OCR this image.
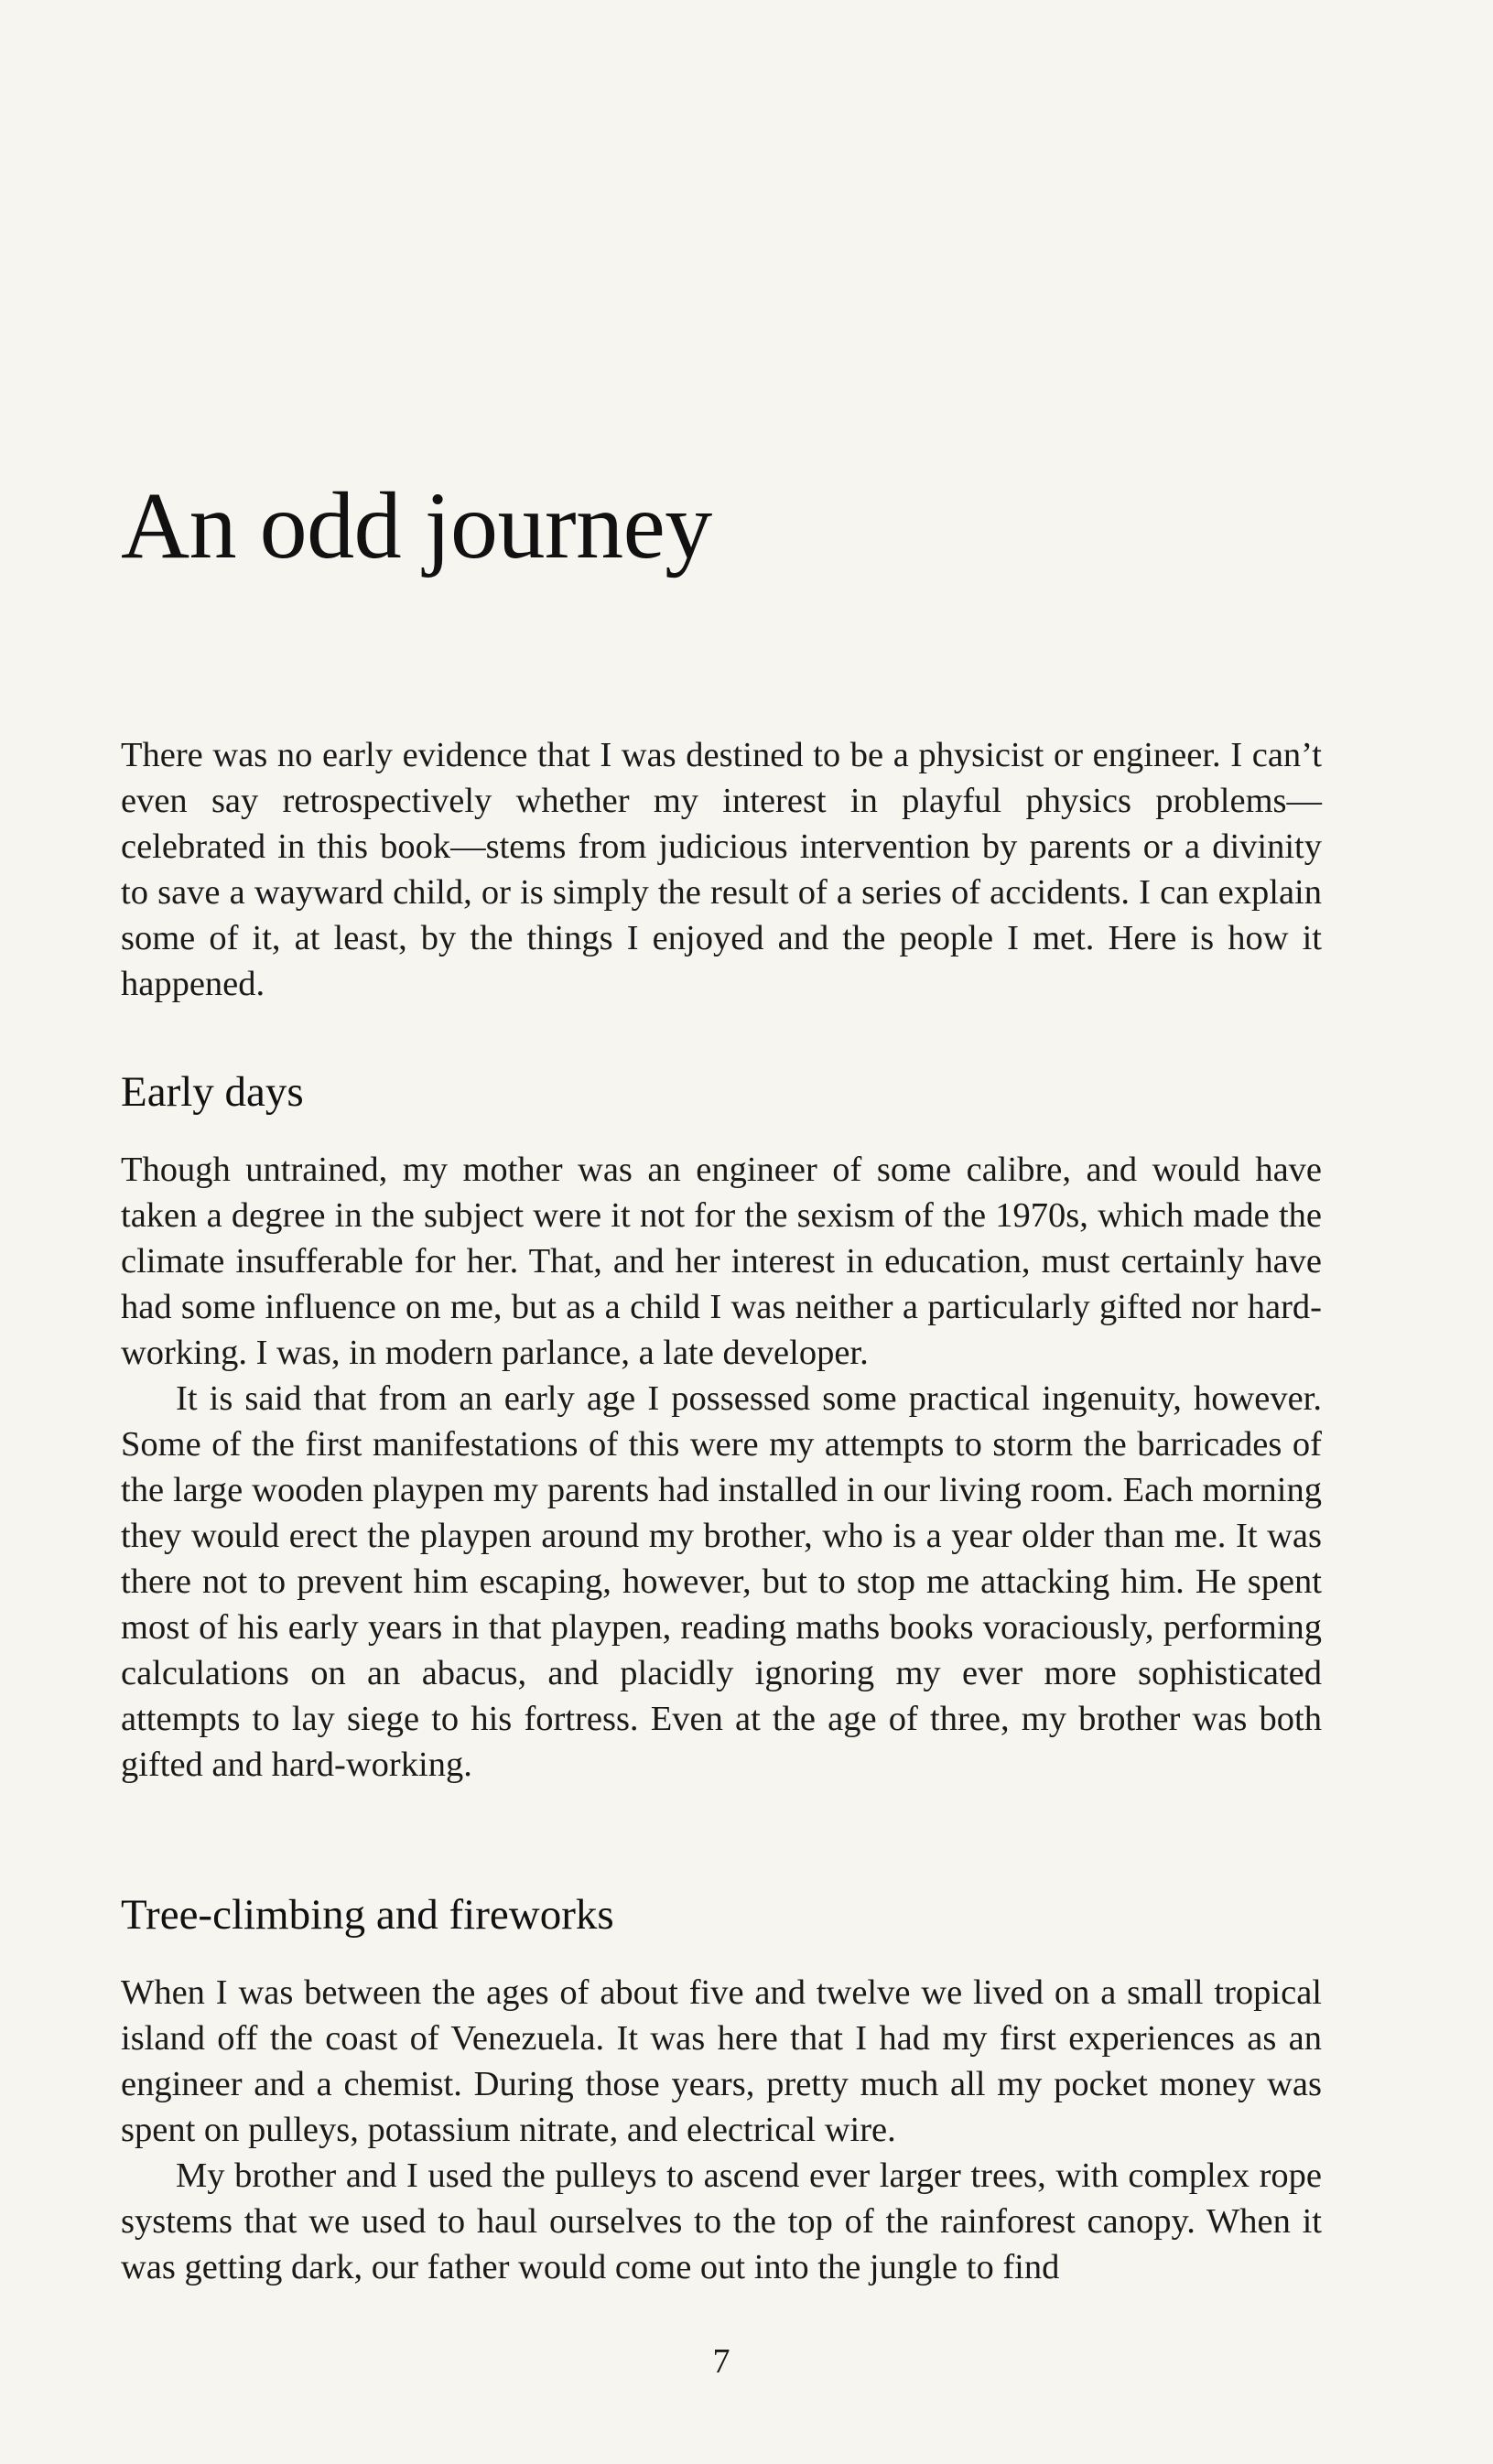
An odd journey

There was no early evidence that I was destined to be a physicist or engineer. I can’t even say retrospectively whether my interest in playful physics problems—celebrated in this book—stems from judicious intervention by parents or a divinity to save a wayward child, or is simply the result of a series of accidents. I can explain some of it, at least, by the things I enjoyed and the people I met. Here is how it happened.

Early days

Though untrained, my mother was an engineer of some calibre, and would have taken a degree in the subject were it not for the sexism of the 1970s, which made the climate insufferable for her. That, and her interest in education, must certainly have had some influence on me, but as a child I was neither a particularly gifted nor hard-working. I was, in modern parlance, a late developer.

It is said that from an early age I possessed some practical ingenuity, however. Some of the first manifestations of this were my attempts to storm the barricades of the large wooden playpen my parents had installed in our living room. Each morning they would erect the playpen around my brother, who is a year older than me. It was there not to prevent him escaping, however, but to stop me attacking him. He spent most of his early years in that playpen, reading maths books voraciously, performing calculations on an abacus, and placidly ignoring my ever more sophisticated attempts to lay siege to his fortress. Even at the age of three, my brother was both gifted and hard-working.

Tree-climbing and fireworks

When I was between the ages of about five and twelve we lived on a small tropical island off the coast of Venezuela. It was here that I had my first experiences as an engineer and a chemist. During those years, pretty much all my pocket money was spent on pulleys, potassium nitrate, and electrical wire.

My brother and I used the pulleys to ascend ever larger trees, with complex rope systems that we used to haul ourselves to the top of the rainforest canopy. When it was getting dark, our father would come out into the jungle to find

7
